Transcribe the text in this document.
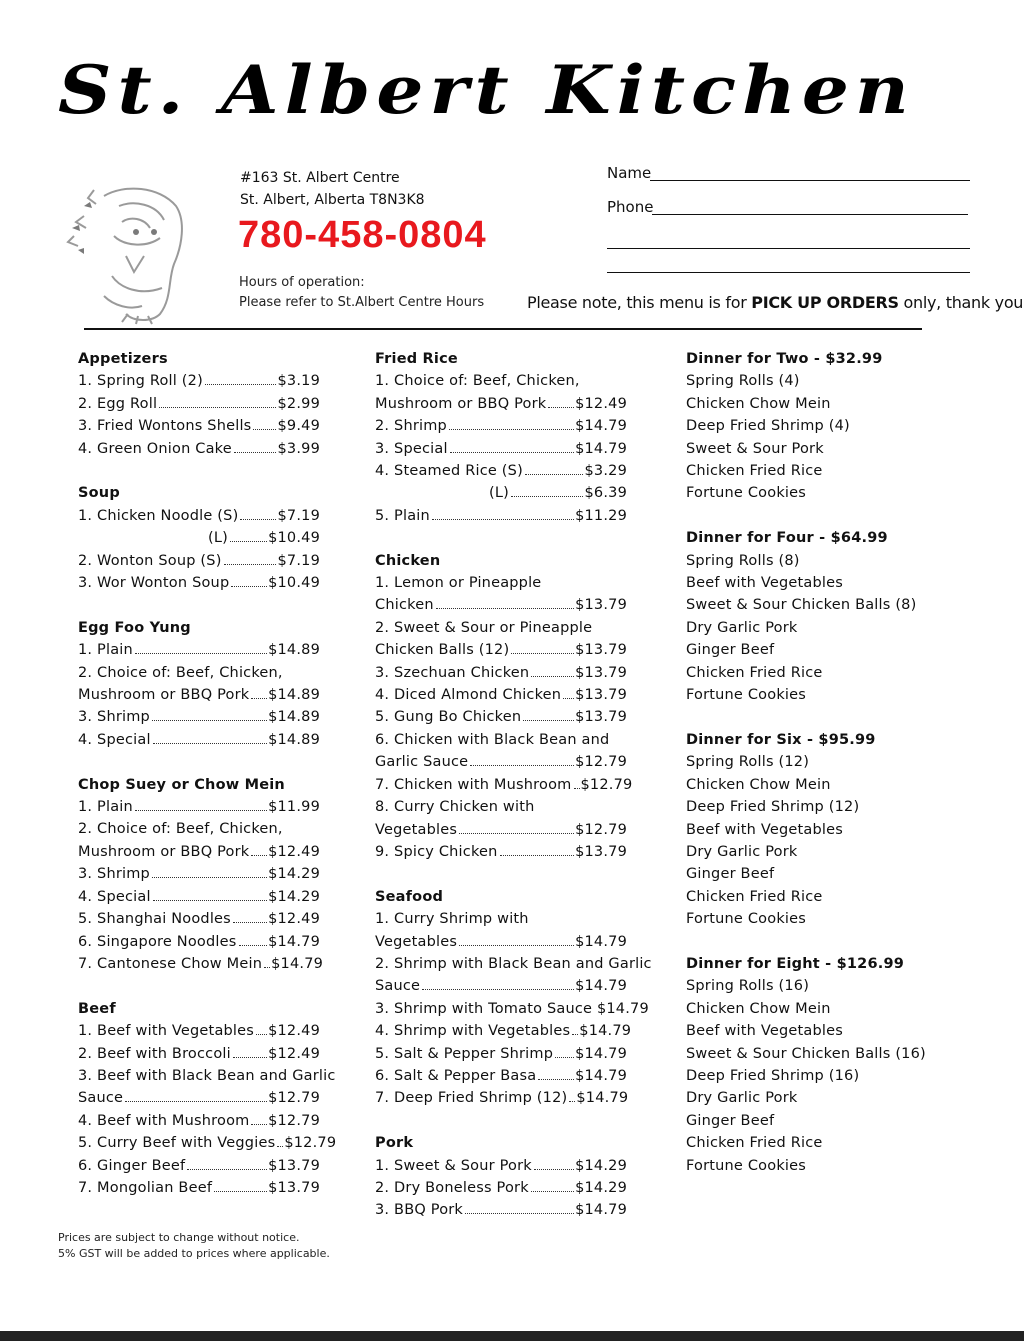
St. Albert Kitchen
#163 St. Albert Centre
St. Albert, Alberta T8N3K8
780-458-0804
Hours of operation:
Please refer to St.Albert Centre Hours
Name
Phone
Please note, this menu is for PICK UP ORDERS only, thank you
Appetizers
1. Spring Roll (2)	$3.19
2. Egg Roll	$2.99
3. Fried Wontons Shells $9.49
4. Green Onion Cake	$3.99
Soup
1. Chicken Noodle (S)	$7.19
(L)	$10.49
2. Wonton Soup (S)	$7.19
3. Wor Wonton Soup	$10.49
Egg Foo Yung
1. Plain	$14.89
2. Choice of: Beef, Chicken,
Mushroom or BBQ Pork $14.89
3. Shrimp	$14.89
4. Special	$14.89
Chop Suey or Chow Mein
1. Plain	$11.99
2. Choice of: Beef, Chicken,
Mushroom or BBQ Pork $12.49
3. Shrimp	$14.29
4. Special	$14.29
5. Shanghai Noodles	$12.49
6. Singapore Noodles $14.79
7. Cantonese Chow Mein $14.79
Beef
1. Beef with Vegetables $12.49
2. Beef with Broccoli	$12.49
3. Beef with Black Bean and Garlic
Sauce	$12.79
4. Beef with Mushroom $12.79
5. Curry Beef with Veggies $12.79
6. Ginger Beef	$13.79
7. Mongolian Beef	$13.79
Fried Rice
1. Choice of: Beef, Chicken,
Mushroom or BBQ Pork $12.49
2. Shrimp	$14.79
3. Special	$14.79
4. Steamed Rice (S)	$3.29
(L)	$6.39
5. Plain	$11.29
Chicken
1. Lemon or Pineapple
Chicken	$13.79
2. Sweet & Sour or Pineapple
Chicken Balls (12)	$13.79
3. Szechuan Chicken	$13.79
4. Diced Almond Chicken $13.79
5. Gung Bo Chicken	$13.79
6. Chicken with Black Bean and
Garlic Sauce	$12.79
7. Chicken with Mushroom $12.79
8. Curry Chicken with
Vegetables	$12.79
9. Spicy Chicken	$13.79
Seafood
1. Curry Shrimp with
Vegetables	$14.79
2. Shrimp with Black Bean and Garlic
Sauce	$14.79
3. Shrimp with Tomato Sauce $14.79
4. Shrimp with Vegetables $14.79
5. Salt & Pepper Shrimp $14.79
6. Salt & Pepper Basa	$14.79
7. Deep Fried Shrimp (12) $14.79
Pork
1. Sweet & Sour Pork	$14.29
2. Dry Boneless Pork	$14.29
3. BBQ Pork	$14.79
Dinner for Two - $32.99
Spring Rolls (4)
Chicken Chow Mein
Deep Fried Shrimp (4)
Sweet & Sour Pork
Chicken Fried Rice
Fortune Cookies
Dinner for Four - $64.99
Spring Rolls (8)
Beef with Vegetables
Sweet & Sour Chicken Balls (8)
Dry Garlic Pork
Ginger Beef
Chicken Fried Rice
Fortune Cookies
Dinner for Six - $95.99
Spring Rolls (12)
Chicken Chow Mein
Deep Fried Shrimp (12)
Beef with Vegetables
Dry Garlic Pork
Ginger Beef
Chicken Fried Rice
Fortune Cookies
Dinner for Eight - $126.99
Spring Rolls (16)
Chicken Chow Mein
Beef with Vegetables
Sweet & Sour Chicken Balls (16)
Deep Fried Shrimp (16)
Dry Garlic Pork
Ginger Beef
Chicken Fried Rice
Fortune Cookies
Prices are subject to change without notice.
5% GST will be added to prices where applicable.
